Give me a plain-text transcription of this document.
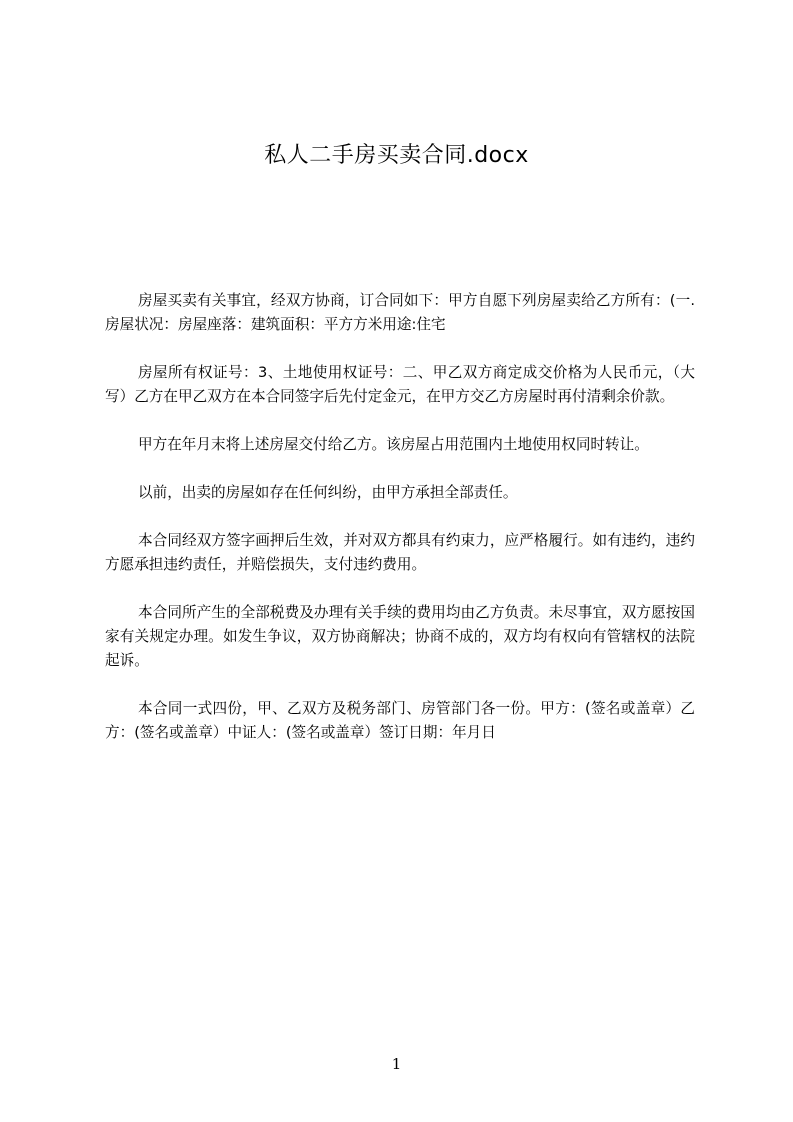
私人二手房买卖合同.docx

房屋买卖有关事宜，经双方协商，订合同如下：甲方自愿下列房屋卖给乙方所有：(一.房屋状况：房屋座落：建筑面积：平方方米用途:住宅

房屋所有权证号：3、土地使用权证号：二、甲乙双方商定成交价格为人民币元，（大写）乙方在甲乙双方在本合同签字后先付定金元，在甲方交乙方房屋时再付清剩余价款。

甲方在年月末将上述房屋交付给乙方。该房屋占用范围内土地使用权同时转让。

以前，出卖的房屋如存在任何纠纷，由甲方承担全部责任。

本合同经双方签字画押后生效，并对双方都具有约束力，应严格履行。如有违约，违约方愿承担违约责任，并赔偿损失，支付违约费用。

本合同所产生的全部税费及办理有关手续的费用均由乙方负责。未尽事宜，双方愿按国家有关规定办理。如发生争议，双方协商解决；协商不成的，双方均有权向有管辖权的法院起诉。

本合同一式四份，甲、乙双方及税务部门、房管部门各一份。甲方：(签名或盖章）乙方：(签名或盖章）中证人：(签名或盖章）签订日期：年月日

1
